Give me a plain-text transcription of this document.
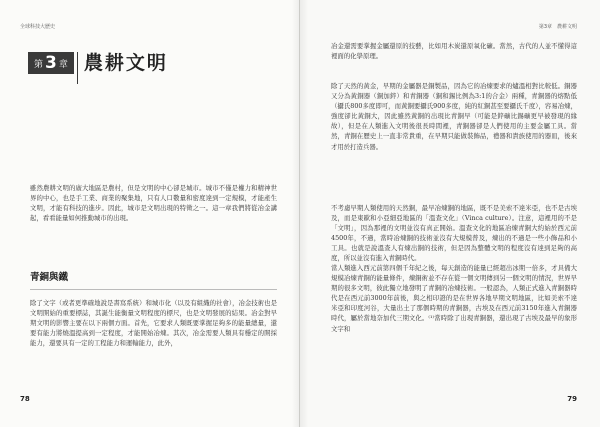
全球科技大歷史
第 3 章 農耕文明
雖然農耕文明的廣大地區是農村，但是文明的中心卻是城市。城市不僅是權力和精神世界的中心，也是手工業、商業的聚集地，只有人口數量和密度達到一定規模，才能產生文明，才能有科技的進步。因此，城市是文明出現的特徵之一。這一章我們將從冶金講起，看看能量如何推動城市的出現。
青銅與鐵
除了文字（或者更準確地說是書寫系統）和城市化（以及有組織的社會），冶金技術也是文明開始的重要標誌，其誕生能衡量文明程度的標尺，也是文明發展的結果。冶金對早期文明的影響主要在以下兩個方面。首先，它要求人類既要掌握足夠多的能量總量，還要有能力將燒溫提高到一定程度，才能開始冶煉。其次，冶金需要人類具有穩定的開採能力，還要具有一定的工程能力和運輸能力，此外，
78
第3章　農耕文明
冶金還需要掌握金屬還原的技藝，比如用木炭還原氧化礦。當然，古代的人並不懂得這裡面的化學原理。
除了天然的黃金，早期的金屬器是銅製品，因為它的冶煉要求的爐溫相對比較低。銅器又分為黃銅器（銅加鋅）和青銅器（銅和錫比例為3:1的合金）兩種，青銅器的熔點低（攝氏800多度即可，而黃銅要攝氏900多度，純的紅銅甚至要攝氏千度），容易冶煉，強度卻比黃銅大，因此雖然黃銅的出現比青銅早（可能是鋅礦比錫礦更早被發現的緣故），但是在人類進入文明後很長時間裡，青銅器卻是人們使用的主要金屬工具。當然，青銅在歷史上一直非常貴重，在早期只能做裝飾品，禮器和貴族使用的器皿，後來才用於打造兵器。
不考慮早期人類使用的天然銅，最早冶煉銅的地區，既不是美索不達米亞，也不是古埃及，而是東歐和小亞細亞地區的「溫查文化」（Vinca culture）。注意，這裡用的不是「文明」，因為那裡的文明並沒有真正開始。溫查文化的地區冶煉青銅大約始於西元前4500年，不過，當時冶煉銅的技術並沒有大規模普及，煉出的不過是一些小飾品和小工具。也就是說溫查人有煉出銅的技術，但是因為整體文明的程度沒有達到足夠的高度，所以並沒有進入青銅時代。
當人類進入西元前第四個千年紀之後，每天創造的能量已經超出冰期一倍多，才具備大規模冶煉青銅的能量條件，煉銅術並不存在從一個文明傳到另一個文明的情況，世界早期的很多文明，彼此獨立地發明了青銅的冶煉技術。一般認為，人類正式進入青銅器時代是在西元前3000年前後，與之相印證的是在世界各地早期文明地區，比如美索不達米亞和印度河谷，大量出土了那個時期的青銅器，古埃及在西元前3150年進入青銅器時代，屬於當地奈加代三期文化。⁽¹⁾當時除了出現青銅器，還出現了古埃及最早的象形文字和
79
